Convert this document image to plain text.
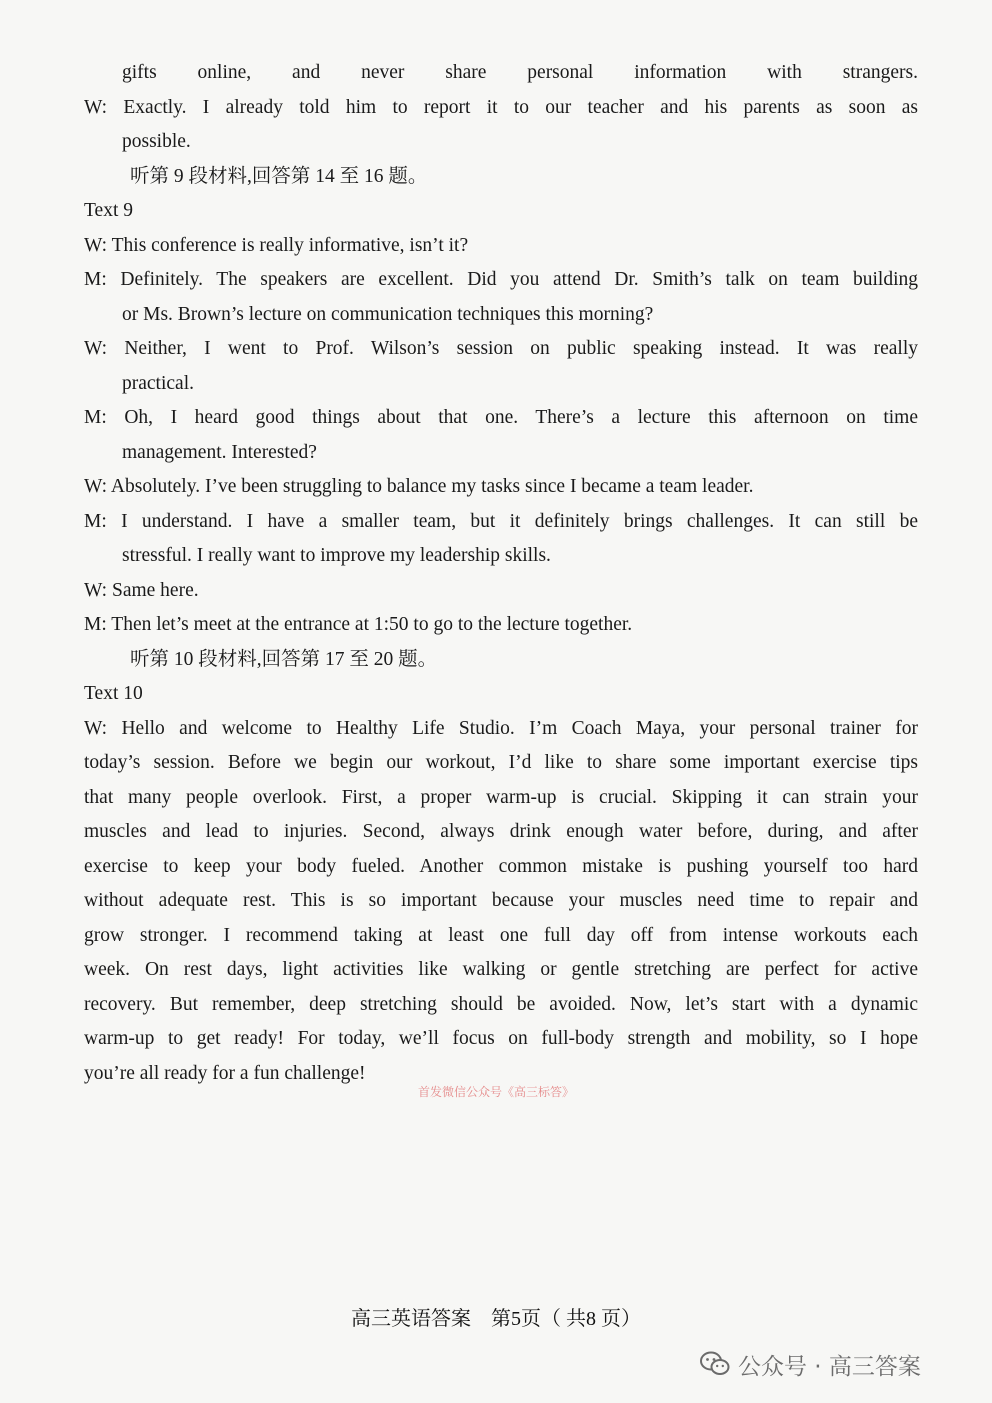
gifts online, and never share personal information with strangers.
W: Exactly. I already told him to report it to our teacher and his parents as soon as
possible.
听第 9 段材料,回答第 14 至 16 题。
Text 9
W: This conference is really informative, isn’t it?
M: Definitely. The speakers are excellent. Did you attend Dr. Smith’s talk on team building
or Ms. Brown’s lecture on communication techniques this morning?
W: Neither, I went to Prof. Wilson’s session on public speaking instead. It was really
practical.
M: Oh, I heard good things about that one. There’s a lecture this afternoon on time
management. Interested?
W: Absolutely. I’ve been struggling to balance my tasks since I became a team leader.
M: I understand. I have a smaller team, but it definitely brings challenges. It can still be
stressful. I really want to improve my leadership skills.
W: Same here.
M: Then let’s meet at the entrance at 1:50 to go to the lecture together.
听第 10 段材料,回答第 17 至 20 题。
Text 10
W: Hello and welcome to Healthy Life Studio. I’m Coach Maya, your personal trainer for
today’s session. Before we begin our workout, I’d like to share some important exercise tips
that many people overlook. First, a proper warm-up is crucial. Skipping it can strain your
muscles and lead to injuries. Second, always drink enough water before, during, and after
exercise to keep your body fueled. Another common mistake is pushing yourself too hard
without adequate rest. This is so important because your muscles need time to repair and
grow stronger. I recommend taking at least one full day off from intense workouts each
week. On rest days, light activities like walking or gentle stretching are perfect for active
recovery. But remember, deep stretching should be avoided. Now, let’s start with a dynamic
warm-up to get ready! For today, we’ll focus on full-body strength and mobility, so I hope
you’re all ready for a fun challenge!
首发微信公众号《高三标答》
高三英语答案　第5页（ 共8 页）
公众号 · 高三答案
